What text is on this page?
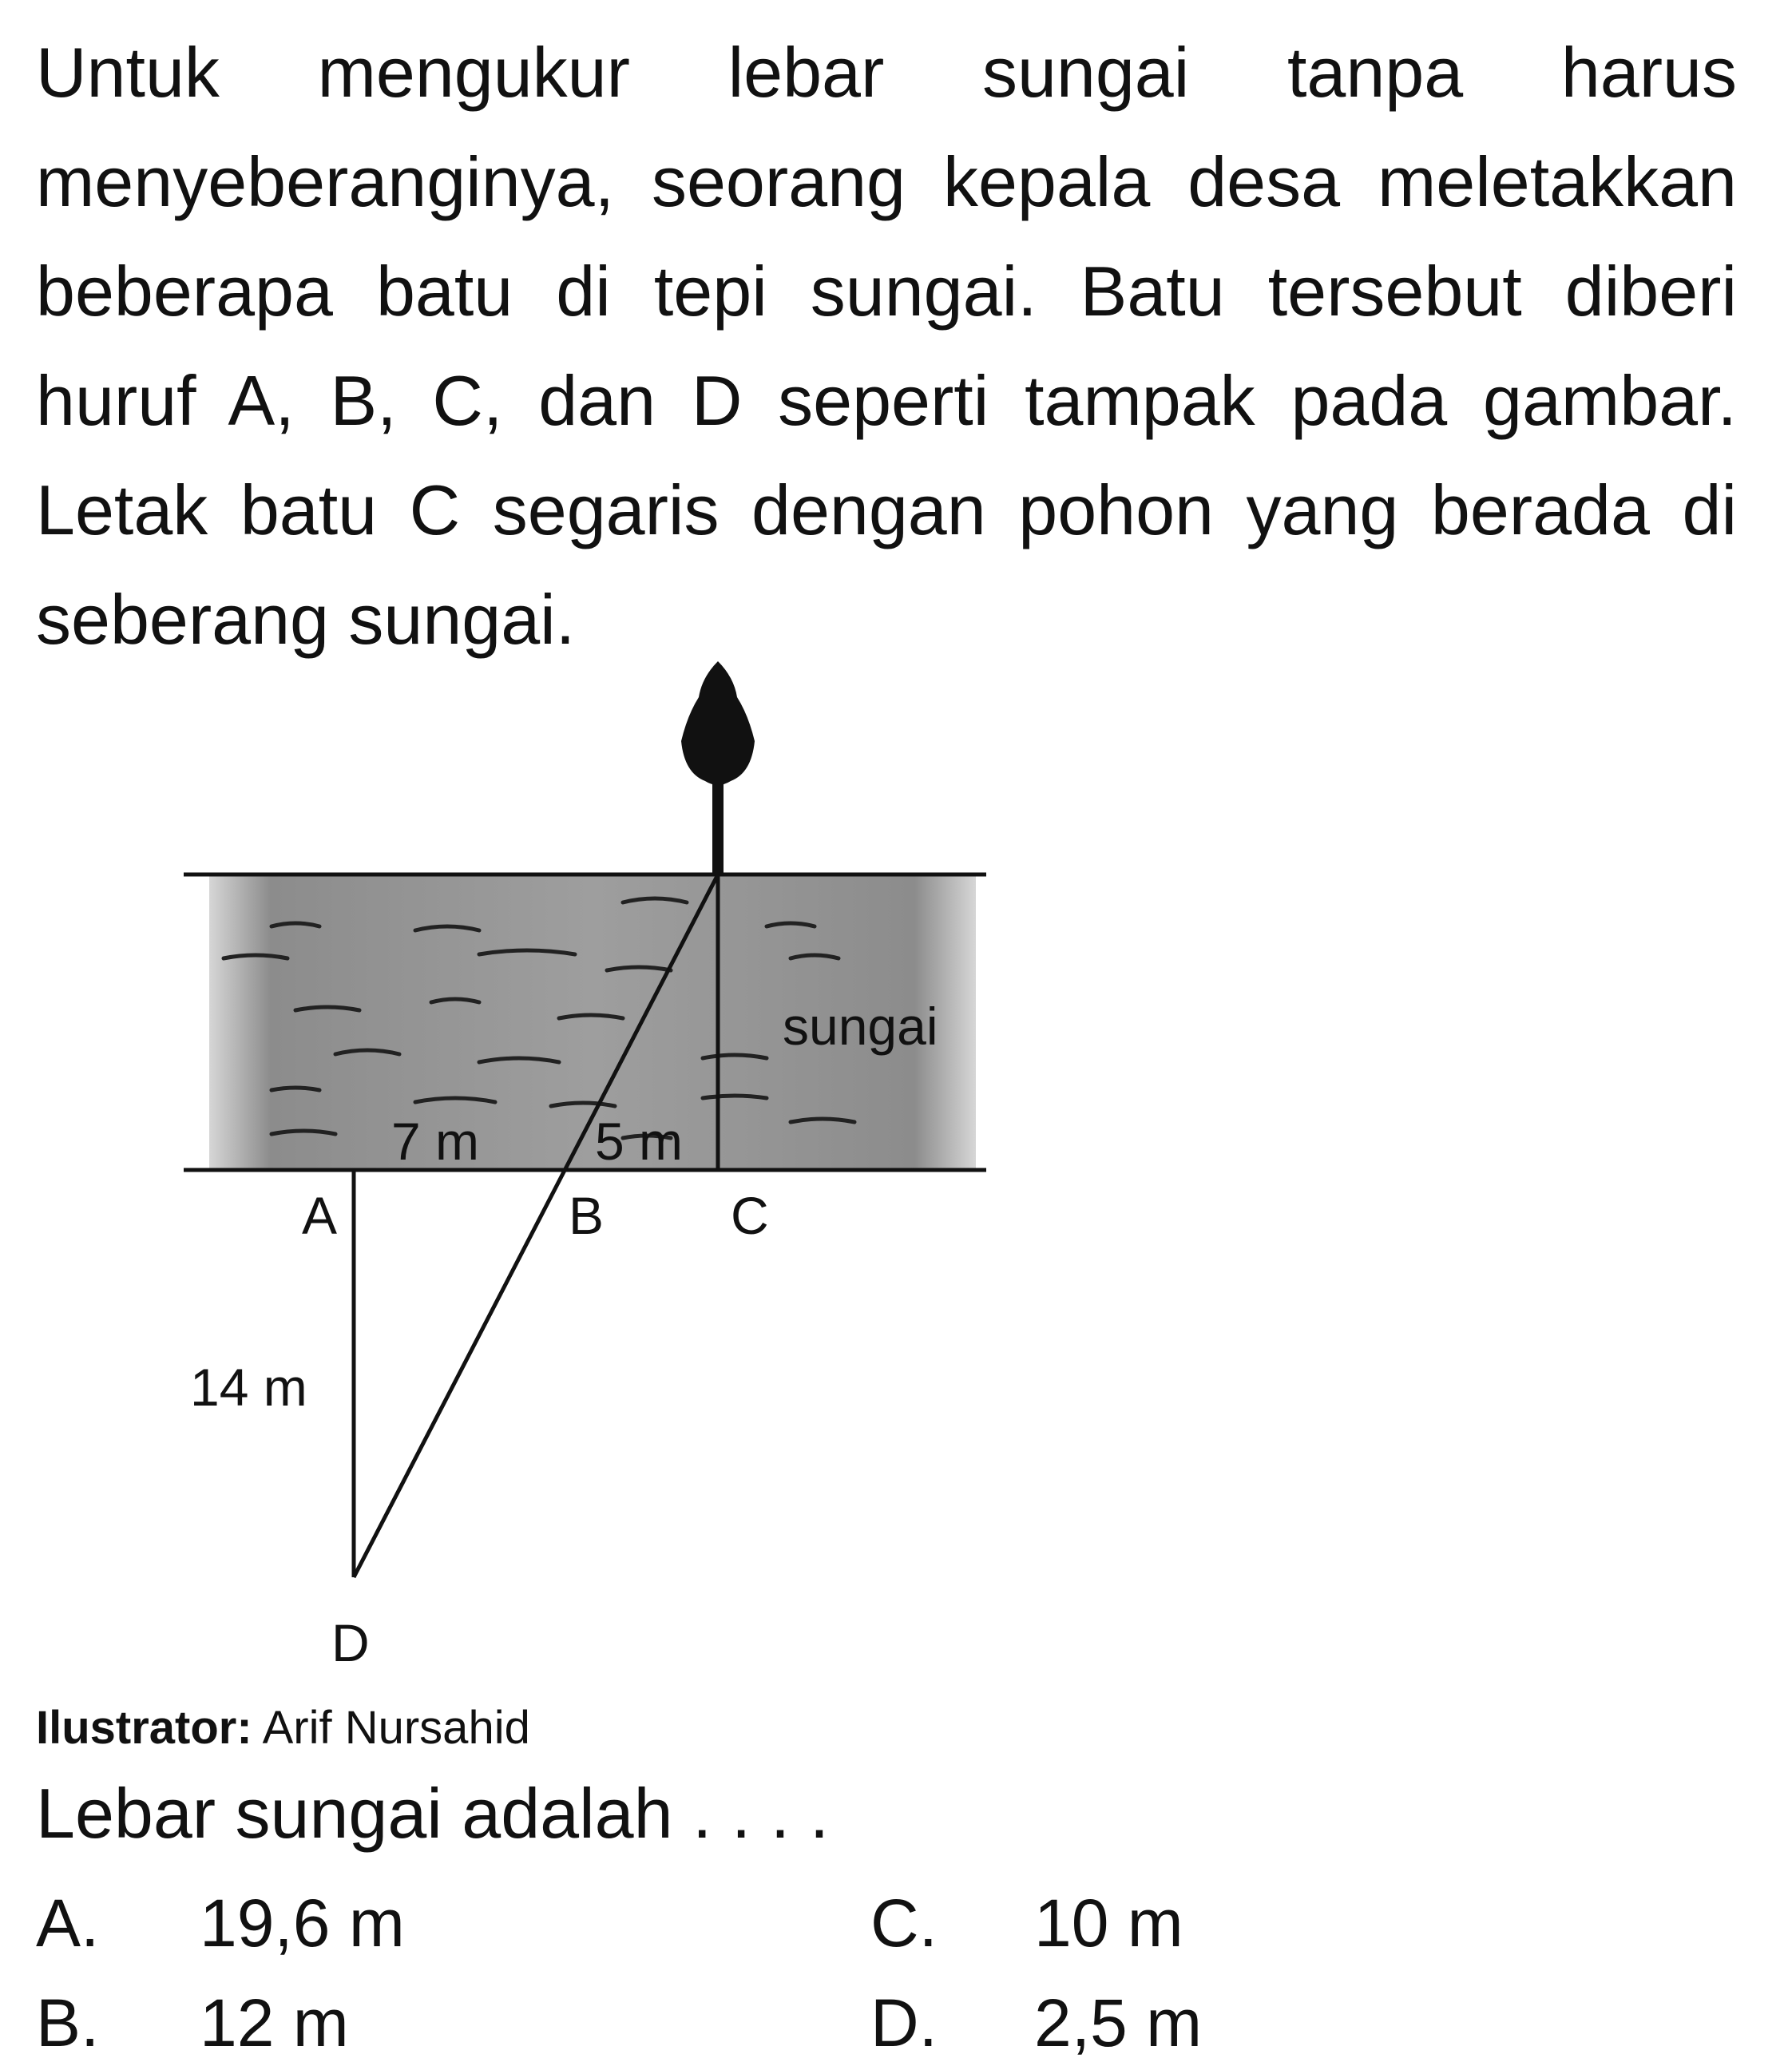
Untuk mengukur lebar sungai tanpa harus menyeberanginya, seorang kepala desa meletakkan beberapa batu di tepi sungai. Batu tersebut diberi huruf A, B, C, dan D seperti tampak pada gambar. Letak batu C segaris dengan pohon yang berada di seberang sungai.

sungai
7 m 5 m
A	B C
14 m
D
Ilustrator: Arif Nursahid
Lebar sungai adalah . . . .
A. 19,6 m
B. 12 m
C. 10 m
D. 2,5 m
